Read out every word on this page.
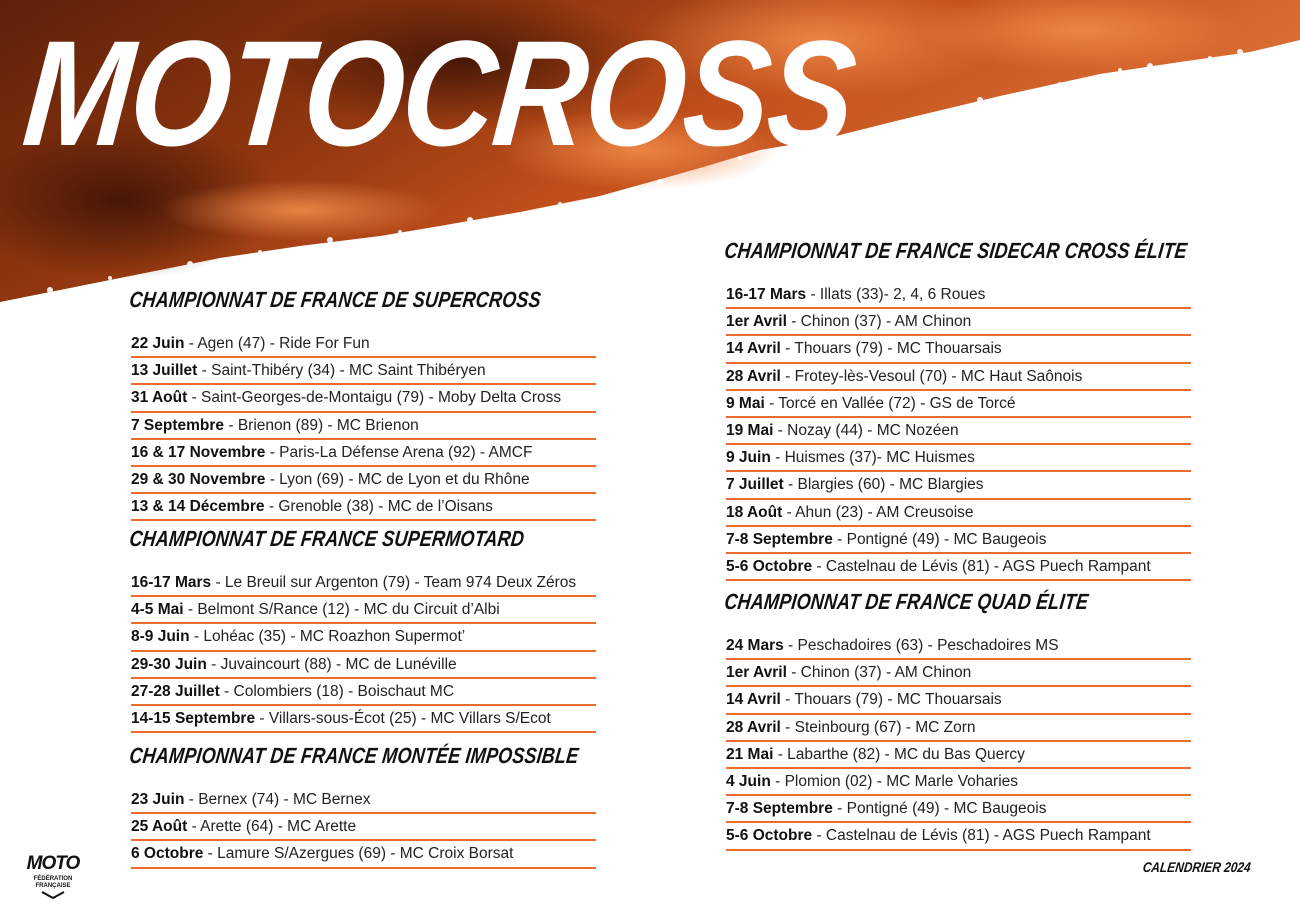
MOTOCROSS
CHAMPIONNAT DE FRANCE DE SUPERCROSS
22 Juin - Agen (47) - Ride For Fun
13 Juillet - Saint-Thibéry (34) - MC Saint Thibéryen
31 Août - Saint-Georges-de-Montaigu (79) - Moby Delta Cross
7 Septembre - Brienon (89) - MC Brienon
16 & 17 Novembre - Paris-La Défense Arena (92) - AMCF
29 & 30 Novembre - Lyon (69) - MC de Lyon et du Rhône
13 & 14 Décembre - Grenoble (38) - MC de l’Oisans
CHAMPIONNAT DE FRANCE SUPERMOTARD
16-17 Mars - Le Breuil sur Argenton (79) - Team 974 Deux Zéros
4-5 Mai - Belmont S/Rance (12) - MC du Circuit d’Albi
8-9 Juin - Lohéac (35) - MC Roazhon Supermot’
29-30 Juin - Juvaincourt (88) - MC de Lunéville
27-28 Juillet - Colombiers (18) - Boischaut MC
14-15 Septembre - Villars-sous-Écot (25) - MC Villars S/Ecot
CHAMPIONNAT DE FRANCE MONTÉE IMPOSSIBLE
23 Juin - Bernex (74) - MC Bernex
25 Août - Arette (64) - MC Arette
6 Octobre - Lamure S/Azergues (69) - MC Croix Borsat
CHAMPIONNAT DE FRANCE SIDECAR CROSS ÉLITE
16-17 Mars - Illats (33)- 2, 4, 6 Roues
1er Avril - Chinon (37) - AM Chinon
14 Avril - Thouars (79) - MC Thouarsais
28 Avril - Frotey-lès-Vesoul (70) - MC Haut Saônois
9 Mai - Torcé en Vallée (72) - GS de Torcé
19 Mai - Nozay (44) - MC Nozéen
9 Juin - Huismes (37)- MC Huismes
7 Juillet - Blargies (60) - MC Blargies
18 Août - Ahun (23) - AM Creusoise
7-8 Septembre - Pontigné (49) - MC Baugeois
5-6 Octobre - Castelnau de Lévis (81) - AGS Puech Rampant
CHAMPIONNAT DE FRANCE QUAD ÉLITE
24 Mars - Peschadoires (63) - Peschadoires MS
1er Avril - Chinon (37) - AM Chinon
14 Avril - Thouars (79) - MC Thouarsais
28 Avril - Steinbourg (67) - MC Zorn
21 Mai - Labarthe (82) - MC du Bas Quercy
4 Juin - Plomion (02) - MC Marle Voharies
7-8 Septembre - Pontigné (49) - MC Baugeois
5-6 Octobre - Castelnau de Lévis (81) - AGS Puech Rampant
MOTO
FÉDÉRATION
FRANÇAISE
CALENDRIER 2024
